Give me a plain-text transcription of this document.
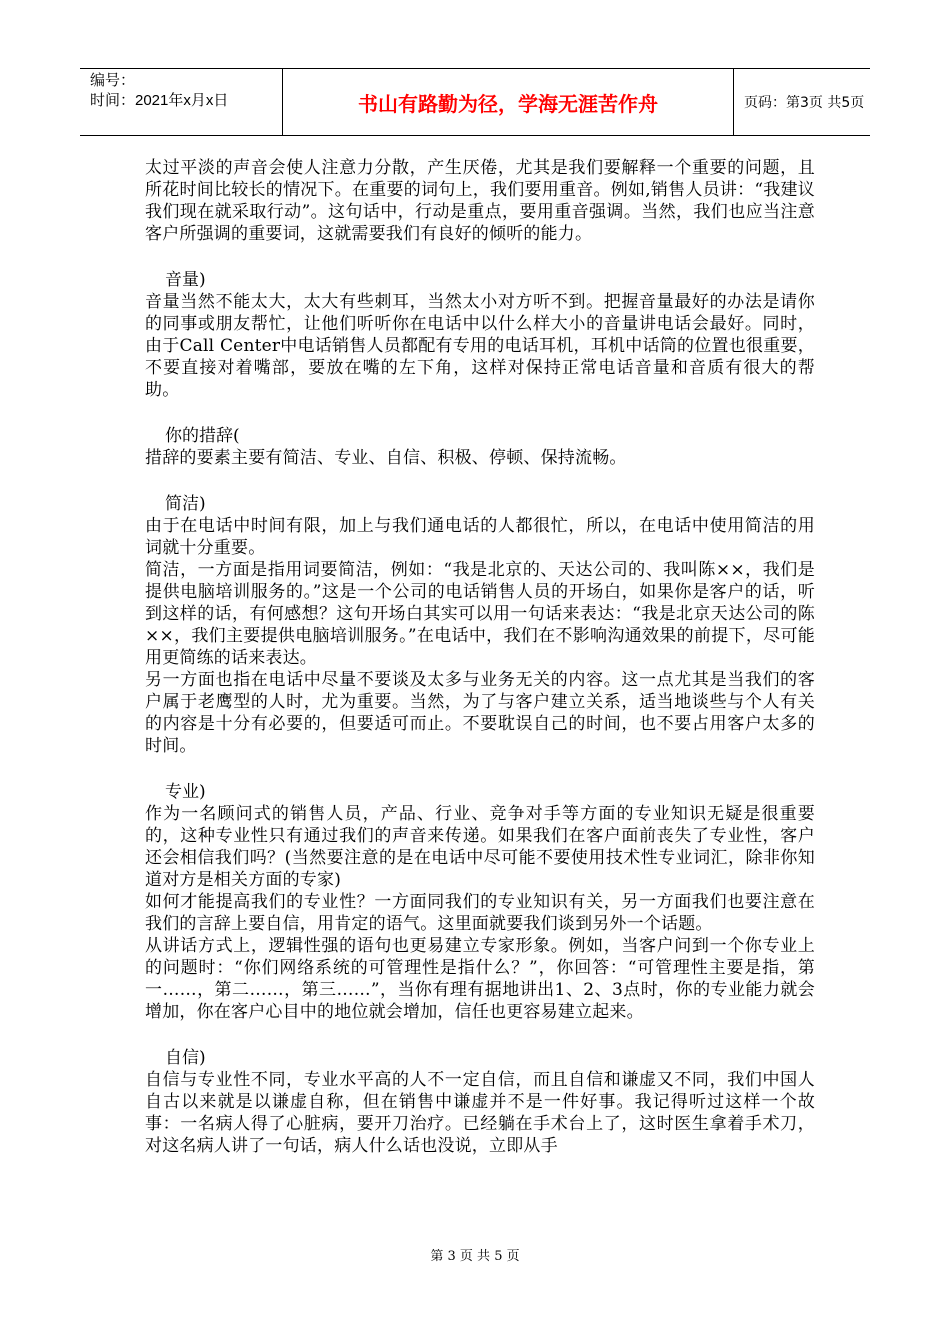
编号：
时间：2021年x月x日	书山有路勤为径，学海无涯苦作舟	页码：第3页 共5页

太过平淡的声音会使人注意力分散，产生厌倦，尤其是我们要解释一个重要的问题，且所花时间比较长的情况下。在重要的词句上，我们要用重音。例如,销售人员讲：“我建议我们现在就采取行动”。这句话中，行动是重点，要用重音强调。当然，我们也应当注意客户所强调的重要词，这就需要我们有良好的倾听的能力。

音量)

音量当然不能太大，太大有些刺耳，当然太小对方听不到。把握音量最好的办法是请你的同事或朋友帮忙，让他们听听你在电话中以什么样大小的音量讲电话会最好。同时，由于Call Center中电话销售人员都配有专用的电话耳机，耳机中话筒的位置也很重要，不要直接对着嘴部，要放在嘴的左下角，这样对保持正常电话音量和音质有很大的帮助。

你的措辞(

措辞的要素主要有简洁、专业、自信、积极、停顿、保持流畅。

简洁)

由于在电话中时间有限，加上与我们通电话的人都很忙，所以，在电话中使用简洁的用词就十分重要。

简洁，一方面是指用词要简洁，例如：“我是北京的、天达公司的、我叫陈××，我们是提供电脑培训服务的。”这是一个公司的电话销售人员的开场白，如果你是客户的话，听到这样的话，有何感想？这句开场白其实可以用一句话来表达：“我是北京天达公司的陈××，我们主要提供电脑培训服务。”在电话中，我们在不影响沟通效果的前提下，尽可能用更简练的话来表达。

另一方面也指在电话中尽量不要谈及太多与业务无关的内容。这一点尤其是当我们的客户属于老鹰型的人时，尤为重要。当然，为了与客户建立关系，适当地谈些与个人有关的内容是十分有必要的，但要适可而止。不要耽误自己的时间，也不要占用客户太多的时间。

专业)

作为一名顾问式的销售人员，产品、行业、竞争对手等方面的专业知识无疑是很重要的，这种专业性只有通过我们的声音来传递。如果我们在客户面前丧失了专业性，客户还会相信我们吗？(当然要注意的是在电话中尽可能不要使用技术性专业词汇，除非你知道对方是相关方面的专家)

如何才能提高我们的专业性？一方面同我们的专业知识有关，另一方面我们也要注意在我们的言辞上要自信，用肯定的语气。这里面就要我们谈到另外一个话题。

从讲话方式上，逻辑性强的语句也更易建立专家形象。例如，当客户问到一个你专业上的问题时：“你们网络系统的可管理性是指什么？”，你回答：“可管理性主要是指，第一……，第二……，第三……”，当你有理有据地讲出1、2、3点时，你的专业能力就会增加，你在客户心目中的地位就会增加，信任也更容易建立起来。

自信)

自信与专业性不同，专业水平高的人不一定自信，而且自信和谦虚又不同，我们中国人自古以来就是以谦虚自称，但在销售中谦虚并不是一件好事。我记得听过这样一个故事：一名病人得了心脏病，要开刀治疗。已经躺在手术台上了，这时医生拿着手术刀，对这名病人讲了一句话，病人什么话也没说，立即从手

第 3 页 共 5 页
